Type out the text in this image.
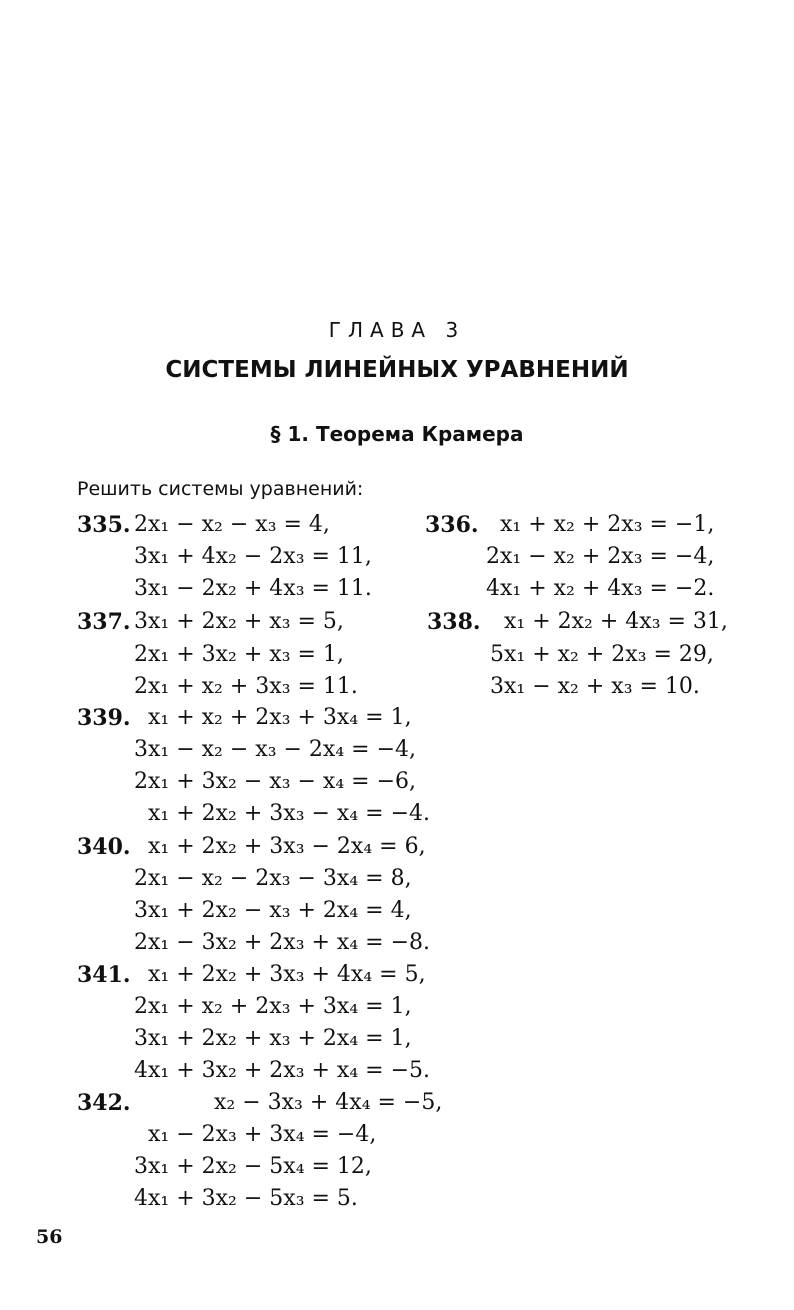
ГЛАВА 3
СИСТЕМЫ ЛИНЕЙНЫХ УРАВНЕНИЙ
§ 1. Теорема Крамера
Решить системы уравнений:
335. 2x₁ − x₂ − x₃ = 4,
3x₁ + 4x₂ − 2x₃ = 11,
3x₁ − 2x₂ + 4x₃ = 11.
336. x₁ + x₂ + 2x₃ = −1,
2x₁ − x₂ + 2x₃ = −4,
4x₁ + x₂ + 4x₃ = −2.
337. 3x₁ + 2x₂ + x₃ = 5,
2x₁ + 3x₂ + x₃ = 1,
2x₁ + x₂ + 3x₃ = 11.
338. x₁ + 2x₂ + 4x₃ = 31,
5x₁ + x₂ + 2x₃ = 29,
3x₁ − x₂ + x₃ = 10.
339. x₁ + x₂ + 2x₃ + 3x₄ = 1,
3x₁ − x₂ − x₃ − 2x₄ = −4,
2x₁ + 3x₂ − x₃ − x₄ = −6,
x₁ + 2x₂ + 3x₃ − x₄ = −4.
340. x₁ + 2x₂ + 3x₃ − 2x₄ = 6,
2x₁ − x₂ − 2x₃ − 3x₄ = 8,
3x₁ + 2x₂ − x₃ + 2x₄ = 4,
2x₁ − 3x₂ + 2x₃ + x₄ = −8.
341. x₁ + 2x₂ + 3x₃ + 4x₄ = 5,
2x₁ + x₂ + 2x₃ + 3x₄ = 1,
3x₁ + 2x₂ + x₃ + 2x₄ = 1,
4x₁ + 3x₂ + 2x₃ + x₄ = −5.
342.	x₂ − 3x₃ + 4x₄ = −5,
x₁ − 2x₃ + 3x₄ = −4,
3x₁ + 2x₂ − 5x₄ = 12,
4x₁ + 3x₂ − 5x₃ = 5.
56
